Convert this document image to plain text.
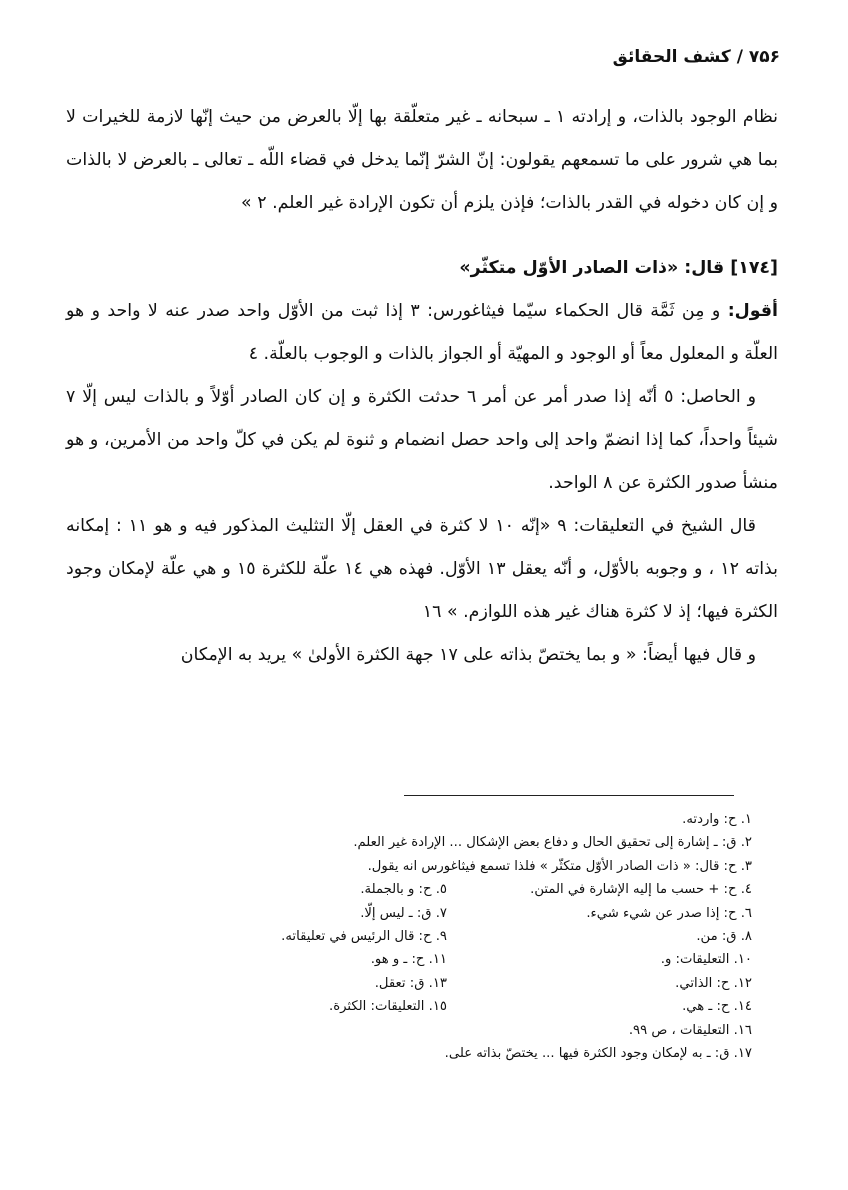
۷۵۶ / كشف الحقائق

نظام الوجود بالذات، و إرادته ١ ـ سبحانه ـ غير متعلّقة بها إلّا بالعرض من حيث إنّها لازمة للخيرات لا بما هي شرور على ما تسمعهم يقولون: إنّ الشرّ إنّما يدخل في قضاء اللّه ـ تعالى ـ بالعرض لا بالذات و إن كان دخوله في القدر بالذات؛ فإذن يلزم أن تكون الإرادة غير العلم. ٢ »

[١٧٤] قال: «ذات الصادر الأوّل متكثّر»

أقول: و مِن ثَمَّة قال الحكماء سيّما فيثاغورس: ٣ إذا ثبت من الأوّل واحد صدر عنه لا واحد و هو العلّة و المعلول معاً أو الوجود و المهيّة أو الجواز بالذات و الوجوب بالعلّة. ٤

و الحاصل: ٥ أنّه إذا صدر أمر عن أمر ٦ حدثت الكثرة و إن كان الصادر أوّلاً و بالذات ليس إلّا ٧ شيئاً واحداً، كما إذا انضمّ واحد إلى واحد حصل انضمام و ثنوة لم يكن في كلّ واحد من الأمرين، و هو منشأ صدور الكثرة عن ٨ الواحد.

قال الشيخ في التعليقات: ٩ «إنّه ١٠ لا كثرة في العقل إلّا التثليث المذكور فيه و هو ١١ : إمكانه بذاته ١٢ ، و وجوبه بالأوّل، و أنّه يعقل ١٣ الأوّل. فهذه هي ١٤ علّة للكثرة ١٥ و هي علّة لإمكان وجود الكثرة فيها؛ إذ لا كثرة هناك غير هذه اللوازم. » ١٦

و قال فيها أيضاً: « و بما يختصّ بذاته على ١٧ جهة الكثرة الأولىٰ » يريد به الإمكان

١. ح: واردته.
٢. ق: ـ إشارة إلى تحقيق الحال و دفاع بعض الإشكال ... الإرادة غير العلم.
٣. ح: قال: « ذات الصادر الأوّل متكثّر » فلذا تسمع فيثاغورس انه يقول.
٤. ح: + حسب ما إليه الإشارة في المتن.
٥. ح: و بالجملة.
٦. ح: إذا صدر عن شيء شيء.
٧. ق: ـ ليس إلّا.
٨. ق: من.
٩. ح: قال الرئيس في تعليقاته.
١٠. التعليقات: و.
١١. ح: ـ و هو.
١٢. ح: الذاتي.
١٣. ق: تعقل.
١٤. ح: ـ هي.
١٥. التعليقات: الكثرة.
١٦. التعليقات ، ص ٩٩.
١٧. ق: ـ به لإمكان وجود الكثرة فيها ... يختصّ بذاته على.
